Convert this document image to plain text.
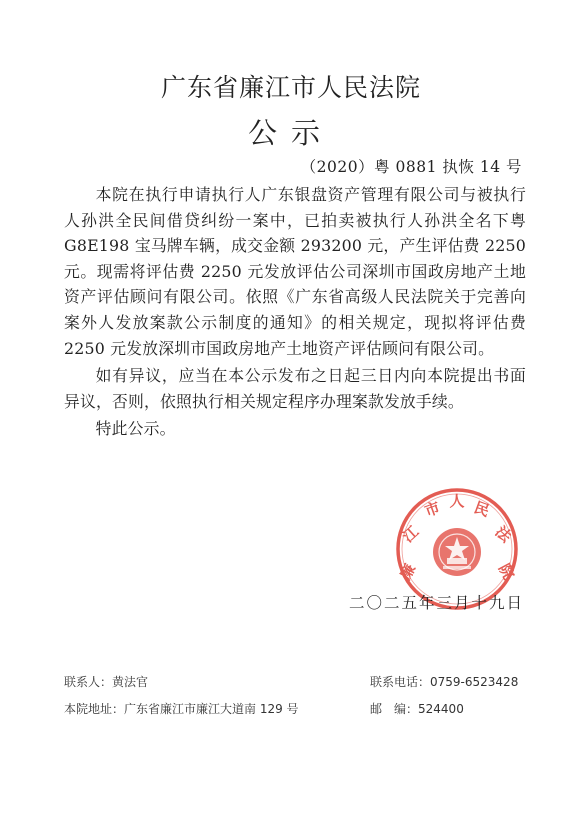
广东省廉江市人民法院
公示
（2020）粤 0881 执恢 14 号

本院在执行申请执行人广东银盘资产管理有限公司与被执行人孙洪全民间借贷纠纷一案中，已拍卖被执行人孙洪全名下粤 G8E198 宝马牌车辆，成交金额 293200 元，产生评估费 2250 元。现需将评估费 2250 元发放评估公司深圳市国政房地产土地资产评估顾问有限公司。依照《广东省高级人民法院关于完善向案外人发放案款公示制度的通知》的相关规定，现拟将评估费 2250 元发放深圳市国政房地产土地资产评估顾问有限公司。

如有异议，应当在本公示发布之日起三日内向本院提出书面异议，否则，依照执行相关规定程序办理案款发放手续。

特此公示。

廉
江
市 人 民
法
院
二〇二五年三月十九日
联系人：黄法官	联系电话：0759-6523428
本院地址：广东省廉江市廉江大道南 129 号	邮　编：524400
